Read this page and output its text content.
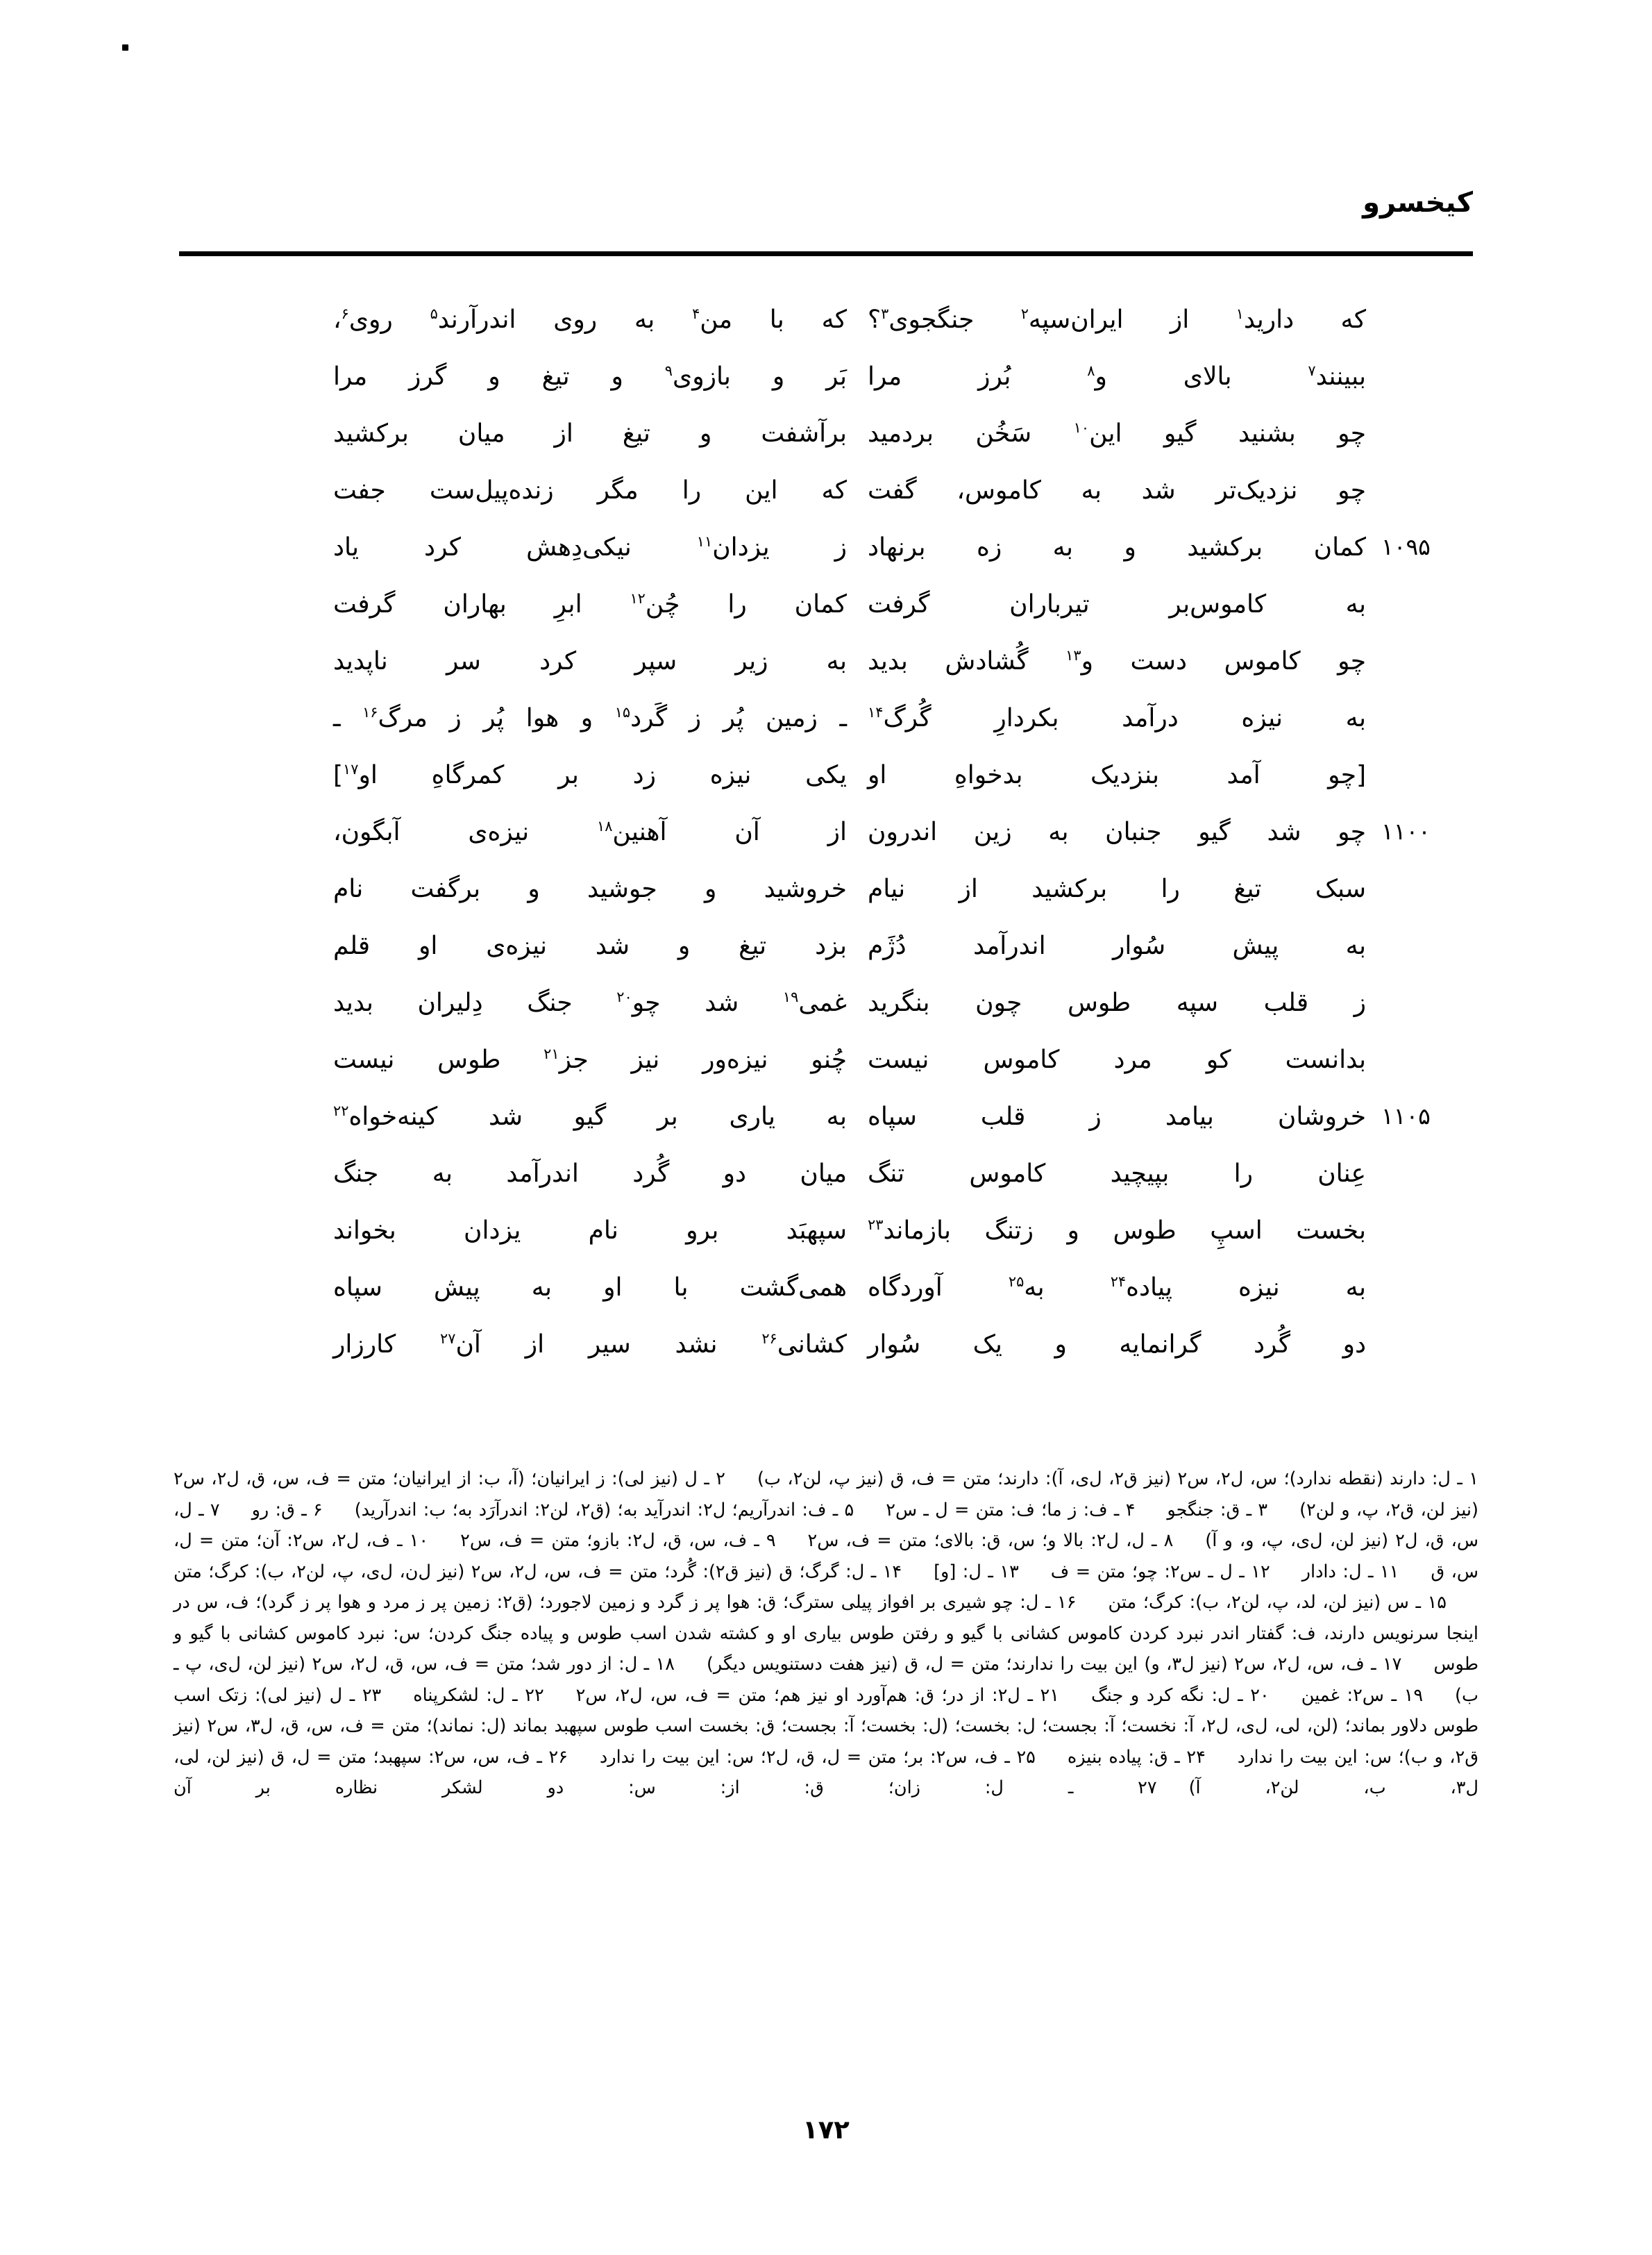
کیخسرو
که دارید$^۱$ از ایران‌سپه$^۲$ جنگجوی$^۳$؟
که با من$^۴$ به روی اندرآرند$^۵$ روی$^۶$،
ببینند$^۷$ بالای و$^۸$ بُرز مرا
بَر و بازوی$^۹$ و تیغ و گرز مرا
چو بشنید گیو این$^{۱۰}$ سَخُن بردمید
برآشفت و تیغ از میان برکشید
چو نزدیک‌تر شد به کاموس، گفت
که این را مگر زنده‌پیل‌ست جفت
۱۰۹۵
کمان برکشید و به زه برنهاد
ز یزدان$^{۱۱}$ نیکی‌دِهش کرد یاد
به کاموس‌بر تیرباران گرفت
کمان را چُن$^{۱۲}$ ابرِ بهاران گرفت
چو کاموس دست و$^{۱۳}$ گُشادش بدید
به زیر سپر کرد سر ناپدید
به نیزه درآمد بکردارِ گُرگ$^{۱۴}$
ـ زمین پُر ز گَرد$^{۱۵}$ و هوا پُر ز مرگ$^{۱۶}$ ـ
[چو آمد بنزدیک بدخواهِ او
یکی نیزه زد بر کمرگاهِ او$^{۱۷}$]
۱۱۰۰
چو شد گیو جنبان به زین اندرون
از آن آهنین$^{۱۸}$ نیزه‌ی آبگون،
سبک تیغ را برکشید از نیام
خروشید و جوشید و برگفت نام
به پیش سُوار اندرآمد دُژَم
بزد تیغ و شد نیزه‌ی او قلم
ز قلب سپه طوس چون بنگرید
غمی$^{۱۹}$ شد چو$^{۲۰}$ جنگ دِلیران بدید
بدانست کو مرد کاموس نیست
چُنو نیزه‌ور نیز جز$^{۲۱}$ طوس نیست
۱۱۰۵
خروشان بیامد ز قلب سپاه
به یاری بر گیو شد کینه‌خواه$^{۲۲}$
عِنان را بپیچید کاموس تنگ
میان دو گُرد اندرآمد به جنگ
بخست اسپِ طوس و زتنگ بازماند$^{۲۳}$
سپهبَد برو نام یزدان بخواند
به نیزه پیاده$^{۲۴}$ به$^{۲۵}$ آوردگاه
همی‌گشت با او به پیش سپاه
دو گُرد گرانمایه و یک سُوار
کشانی$^{۲۶}$ نشد سیر از آن$^{۲۷}$ کارزار
۱ ـ ل: دارند (نقطه ندارد)؛ س، ل‌۲، س‌۲ (نیز ق‌۲، ل‌ی، آ): دارند؛ متن = ف، ق (نیز پ، لن‌۲، ب) ۲ ـ ل (نیز لی): ز ایرانیان؛ (آ، ب: از ایرانیان؛ متن = ف، س، ق، ل‌۲، س‌۲ (نیز لن، ق‌۲، پ، و لن‌۲) ۳ ـ ق: جنگجو ۴ ـ ف: ز ما؛ ف: متن = ل ـ س‌۲ ۵ ـ ف: اندرآریم؛ ل‌۲: اندرآید به؛ (ق‌۲، لن‌۲: اندرآرَد به؛ ب: اندرآرید) ۶ ـ ق: رو ۷ ـ ل، س، ق، ل‌۲ (نیز لن، ل‌ی، پ، و، و آ) ۸ ـ ل، ل‌۲: بالا و؛ س، ق: بالای؛ متن = ف، س‌۲ ۹ ـ ف، س، ق، ل‌۲: بازو؛ متن = ف، س‌۲ ۱۰ ـ ف، ل‌۲، س‌۲: آن؛ متن = ل، س، ق ۱۱ ـ ل: دادار ۱۲ ـ ل ـ س‌۲: چو؛ متن = ف ۱۳ ـ ل: [و] ۱۴ ـ ل: گرگ؛ ق (نیز ق‌۲): گُرد؛ متن = ف، س، ل‌۲، س‌۲ (نیز ل‌ن، ل‌ی، پ، لن‌۲، ب): کرگ؛ متن ۱۵ ـ س (نیز لن، لد، پ، لن‌۲، ب): کرگ؛ متن ۱۶ ـ ل: چو شیری بر افواز پیلی سترگ؛ ق: هوا پر ز گرد و زمین لاجورد؛ (ق‌۲: زمین پر ز مرد و هوا پر ز گرد)؛ ف، س در اینجا سرنویس دارند، ف: گفتار اندر نبرد کردن کاموس کشانی با گیو و رفتن طوس بیاری او و کشته شدن اسب طوس و پیاده جنگ کردن؛ س: نبرد کاموس کشانی با گیو و طوس ۱۷ ـ ف، س، ل‌۲، س‌۲ (نیز ل‌۳، و) این بیت را ندارند؛ متن = ل، ق (نیز هفت دستنویس دیگر) ۱۸ ـ ل: از دور شد؛ متن = ف، س، ق، ل‌۲، س‌۲ (نیز لن، ل‌ی، پ ـ ب) ۱۹ ـ س‌۲: غمین ۲۰ ـ ل: نگه کرد و جنگ ۲۱ ـ ل‌۲: از در؛ ق: هم‌آورد او نیز هم؛ متن = ف، س، ل‌۲، س‌۲ ۲۲ ـ ل: لشکرپناه ۲۳ ـ ل (نیز لی): زتک اسب طوس دلاور بماند؛ (لن، لی، ل‌ی، ل‌۲، آ: نخست؛ آ: بجست؛ ل: بخست؛ (ل: بخست؛ آ: بجست؛ ق: بخست اسب طوس سپهبد بماند (ل: نماند)؛ متن = ف، س، ق، ل‌۳، س‌۲ (نیز ق‌۲، و ب)؛ س: این بیت را ندارد ۲۴ ـ ق: پیاده بنیزه ۲۵ ـ ف، س‌۲: بر؛ متن = ل، ق، ل‌۲؛ س: این بیت را ندارد ۲۶ ـ ف، س، س‌۲: سپهبد؛ متن = ل، ق (نیز لن، لی، ل‌۳، ب، لن‌۲، آ) ۲۷ ـ ل: زان؛ ق: از: س: دو لشکر نظاره بر آن
۱۷۲
